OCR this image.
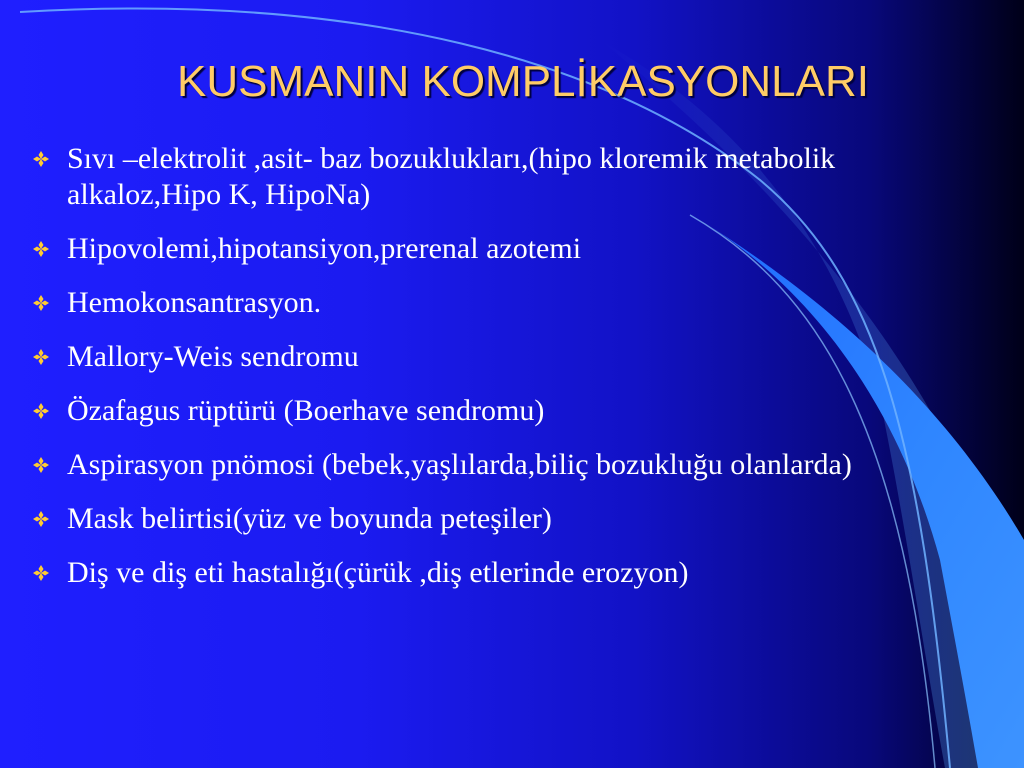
KUSMANIN KOMPLİKASYONLARI
Sıvı –elektrolit ,asit- baz bozuklukları,(hipo kloremik metabolik alkaloz,Hipo K, HipoNa)
Hipovolemi,hipotansiyon,prerenal azotemi
Hemokonsantrasyon.
Mallory-Weis sendromu
Özafagus rüptürü (Boerhave sendromu)
Aspirasyon pnömosi (bebek,yaşlılarda,biliç bozukluğu olanlarda)
Mask belirtisi(yüz ve boyunda peteşiler)
Diş ve diş eti hastalığı(çürük ,diş etlerinde erozyon)
